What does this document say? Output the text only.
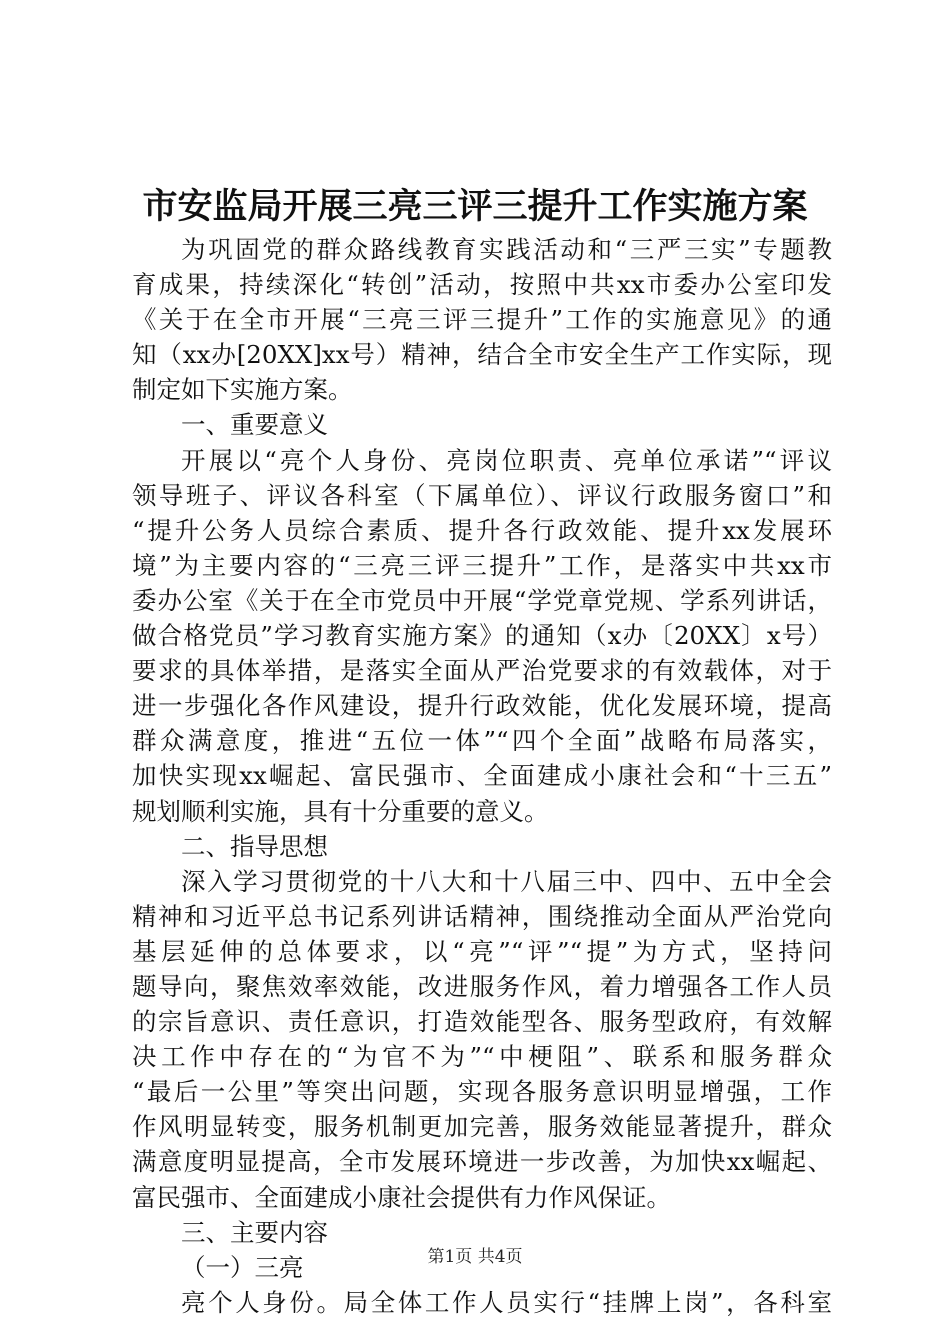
市安监局开展三亮三评三提升工作实施方案
为巩固党的群众路线教育实践活动和“三严三实”专题教
育成果，持续深化“转创”活动，按照中共xx市委办公室印发
《关于在全市开展“三亮三评三提升”工作的实施意见》的通
知（xx办[20XX]xx号）精神，结合全市安全生产工作实际，现
制定如下实施方案。
一、重要意义
开展以“亮个人身份、亮岗位职责、亮单位承诺”“评议
领导班子、评议各科室（下属单位）、评议行政服务窗口”和
“提升公务人员综合素质、提升各行政效能、提升xx发展环
境”为主要内容的“三亮三评三提升”工作，是落实中共xx市
委办公室《关于在全市党员中开展“学党章党规、学系列讲话，
做合格党员”学习教育实施方案》的通知（x办〔20XX〕x号）
要求的具体举措，是落实全面从严治党要求的有效载体，对于
进一步强化各作风建设，提升行政效能，优化发展环境，提高
群众满意度，推进“五位一体”“四个全面”战略布局落实，
加快实现xx崛起、富民强市、全面建成小康社会和“十三五”
规划顺利实施，具有十分重要的意义。
二、指导思想
深入学习贯彻党的十八大和十八届三中、四中、五中全会
精神和习近平总书记系列讲话精神，围绕推动全面从严治党向
基层延伸的总体要求，以“亮”“评”“提”为方式，坚持问
题导向，聚焦效率效能，改进服务作风，着力增强各工作人员
的宗旨意识、责任意识，打造效能型各、服务型政府，有效解
决工作中存在的“为官不为”“中梗阻”、联系和服务群众
“最后一公里”等突出问题，实现各服务意识明显增强，工作
作风明显转变，服务机制更加完善，服务效能显著提升，群众
满意度明显提高，全市发展环境进一步改善，为加快xx崛起、
富民强市、全面建成小康社会提供有力作风保证。
三、主要内容
（一）三亮
亮个人身份。局全体工作人员实行“挂牌上岗”，各科室
第1页 共4页
